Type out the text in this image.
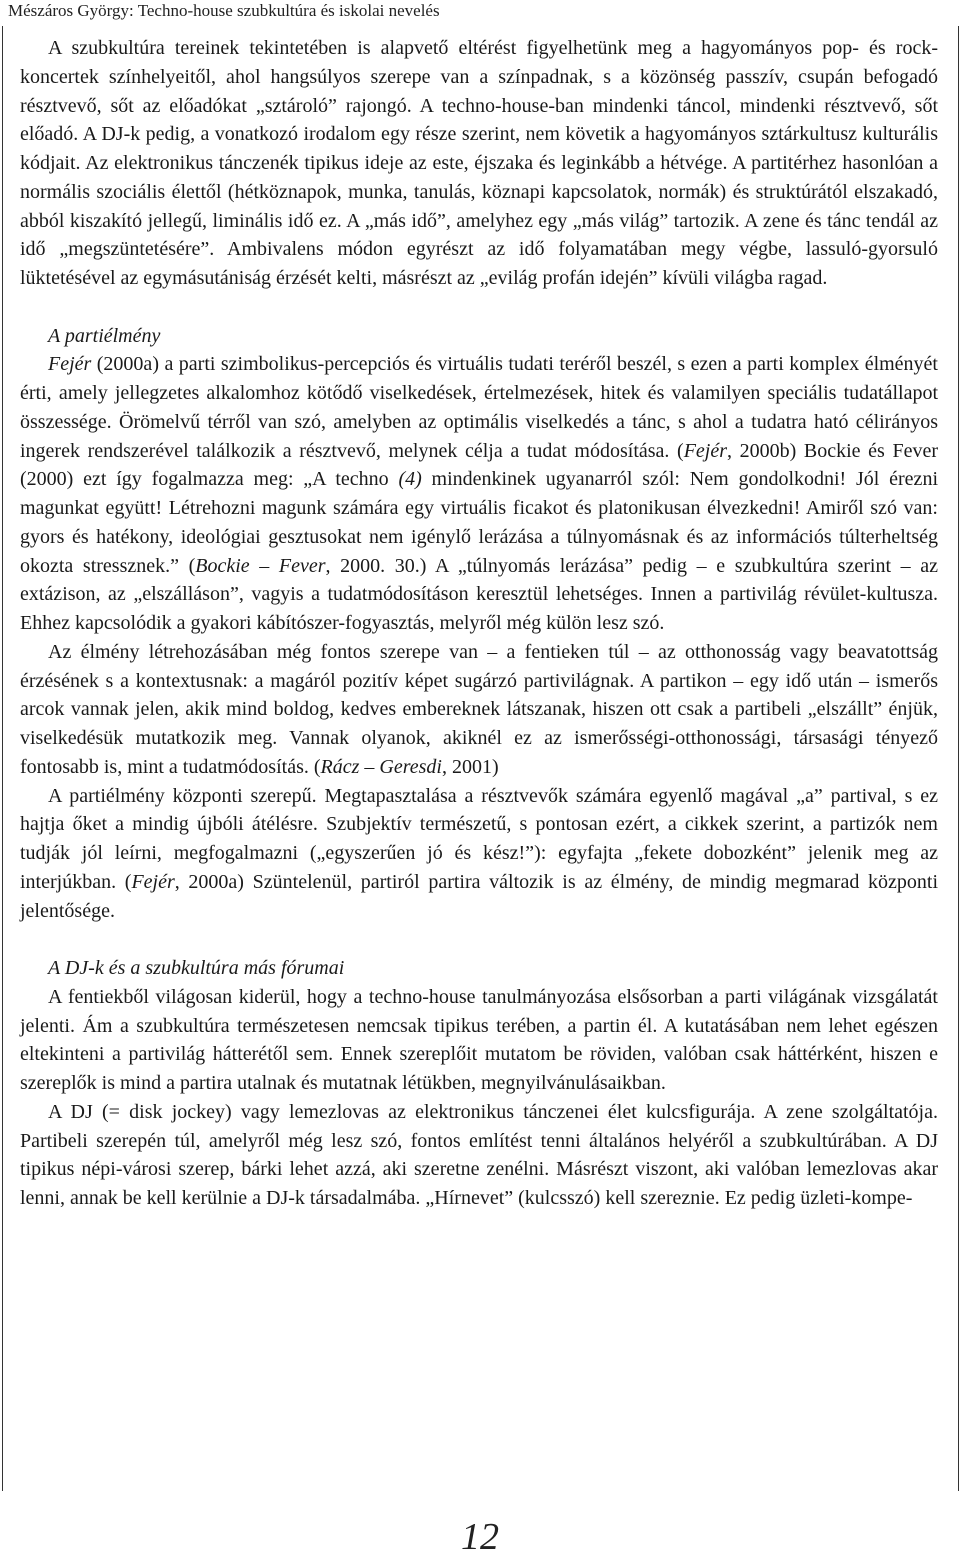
Mészáros György: Techno-house szubkultúra és iskolai nevelés

A szubkultúra tereinek tekintetében is alapvető eltérést figyelhetünk meg a hagyományos pop- és rock-koncertek színhelyeitől, ahol hangsúlyos szerepe van a színpadnak, s a közönség passzív, csupán befogadó résztvevő, sőt az előadókat „sztároló” rajongó. A techno-house-ban mindenki táncol, mindenki résztvevő, sőt előadó. A DJ-k pedig, a vonatkozó irodalom egy része szerint, nem követik a hagyományos sztárkultusz kulturális kódjait. Az elektronikus tánczenék tipikus ideje az este, éjszaka és leginkább a hétvége. A partitérhez hasonlóan a normális szociális élettől (hétköznapok, munka, tanulás, köznapi kapcsolatok, normák) és struktúrától elszakadó, abból kiszakító jellegű, liminális idő ez. A „más idő”, amelyhez egy „más világ” tartozik. A zene és tánc tendál az idő „megszüntetésére”. Ambivalens módon egyrészt az idő folyamatában megy végbe, lassuló-gyorsuló lüktetésével az egymásutániság érzését kelti, másrészt az „evilág profán idején” kívüli világba ragad.

A partiélmény

Fejér (2000a) a parti szimbolikus-percepciós és virtuális tudati teréről beszél, s ezen a parti komplex élményét érti, amely jellegzetes alkalomhoz kötődő viselkedések, értelmezések, hitek és valamilyen speciális tudatállapot összessége. Örömelvű térről van szó, amelyben az optimális viselkedés a tánc, s ahol a tudatra ható célirányos ingerek rendszerével találkozik a résztvevő, melynek célja a tudat módosítása. (Fejér, 2000b) Bockie és Fever (2000) ezt így fogalmazza meg: „A techno (4) mindenkinek ugyanarról szól: Nem gondolkodni! Jól érezni magunkat együtt! Létrehozni magunk számára egy virtuális ficakot és platonikusan élvezkedni! Amiről szó van: gyors és hatékony, ideológiai gesztusokat nem igénylő lerázása a túlnyomásnak és az információs túlterheltség okozta stressznek.” (Bockie – Fever, 2000. 30.) A „túlnyomás lerázása” pedig – e szubkultúra szerint – az extázison, az „elszálláson”, vagyis a tudatmódosításon keresztül lehetséges. Innen a partivilág révület-kultusza. Ehhez kapcsolódik a gyakori kábítószer-fogyasztás, melyről még külön lesz szó.

Az élmény létrehozásában még fontos szerepe van – a fentieken túl – az otthonosság vagy beavatottság érzésének s a kontextusnak: a magáról pozitív képet sugárzó partivilágnak. A partikon – egy idő után – ismerős arcok vannak jelen, akik mind boldog, kedves embereknek látszanak, hiszen ott csak a partibeli „elszállt” énjük, viselkedésük mutatkozik meg. Vannak olyanok, akiknél ez az ismerősségi-otthonossági, társasági tényező fontosabb is, mint a tudatmódosítás. (Rácz – Geresdi, 2001)

A partiélmény központi szerepű. Megtapasztalása a résztvevők számára egyenlő magával „a” partival, s ez hajtja őket a mindig újbóli átélésre. Szubjektív természetű, s pontosan ezért, a cikkek szerint, a partizók nem tudják jól leírni, megfogalmazni („egyszerűen jó és kész!”): egyfajta „fekete dobozként” jelenik meg az interjúkban. (Fejér, 2000a) Szüntelenül, partiról partira változik is az élmény, de mindig megmarad központi jelentősége.

A DJ-k és a szubkultúra más fórumai

A fentiekből világosan kiderül, hogy a techno-house tanulmányozása elsősorban a parti világának vizsgálatát jelenti. Ám a szubkultúra természetesen nemcsak tipikus terében, a partin él. A kutatásában nem lehet egészen eltekinteni a partivilág hátterétől sem. Ennek szereplőit mutatom be röviden, valóban csak háttérként, hiszen e szereplők is mind a partira utalnak és mutatnak létükben, megnyilvánulásaikban.

A DJ (= disk jockey) vagy lemezlovas az elektronikus tánczenei élet kulcsfigurája. A zene szolgáltatója. Partibeli szerepén túl, amelyről még lesz szó, fontos említést tenni általános helyéről a szubkultúrában. A DJ tipikus népi-városi szerep, bárki lehet azzá, aki szeretne zenélni. Másrészt viszont, aki valóban lemezlovas akar lenni, annak be kell kerülnie a DJ-k társadalmába. „Hírnevet” (kulcsszó) kell szereznie. Ez pedig üzleti-kompe-

12
